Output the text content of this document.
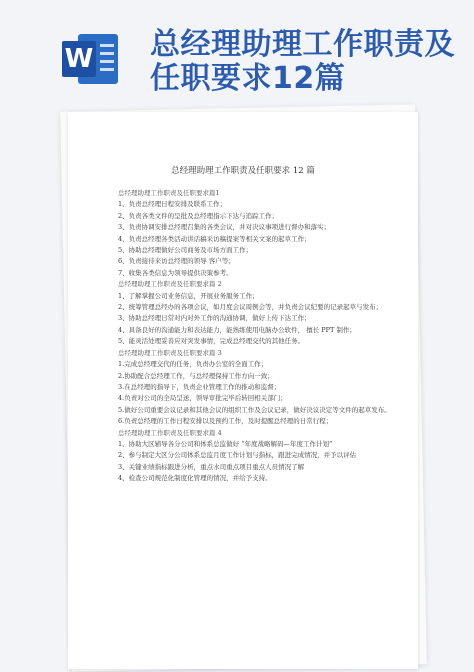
W 总经理助理工作职责及任职要求12篇

总经理助理工作职责及任职要求 12 篇

总经理助理工作职责及任职要求篇1

1、负责总经理日程安排及联系工作；

2、负责各类文件的呈批及总经理指示下达与追踪工作；

3、负责协调安排总经理召集的各类会议，并对决议事项进行督办和落实；

4、负责总经理各类活动讲话稿采访稿提案等相关文案的起草工作；

5、协助总经理做好公司商务及市场方面工作；

6、负责接待来访总经理的领导 客户等；

7、收集各类信息为领导提供决策参考。

总经理助理工作职责及任职要求篇 2

1、了解掌握公司业务信息，开展业务服务工作；

2、统筹管理总经办的各项会议，如月度会议周例会等，并负责会议纪要的记录起草与发布；

3、协助总经理日常对内对外工作的沟通协调，做好上传下达工作；

4、具备良好的沟通能力和表达能力，能熟练使用电脑办公软件， 擅长 PPT 制作；

5、能灵活处理妥善应对突发事情，完成总经理交代的其他任务。

总经理助理工作职责及任职要求篇 3

1.完成总经理交代的任务，负责办公室的全面工作；

2.协助配合总经理工作，与总经理保持工作方向一致；

3.在总经理的指导下，负责企业管理工作的推动和监督；

4.负责对公司的全局呈送，领导审批完毕后转回相关部门；

5.做好公司重要会议记录和其他会议的组织工作及会议记录，做好决议决定等文件的起草发布。

6.负责总经理的工作日程安排以及预约工作，及时提醒总经理的日常行程；

总经理助理工作职责及任职要求篇 4

1、协助大区辅导各分公司和体系总监做好 “年度战略解码—年度工作计划”

2、参与制定大区分公司体系总监月度工作计划与指标，跟进完成情况，并予以评估

3、关键业绩指标跟进分析，重点水司重点项目重点人员情况了解

4、检查公司规范化制度化管理的情况，并给予支持。
